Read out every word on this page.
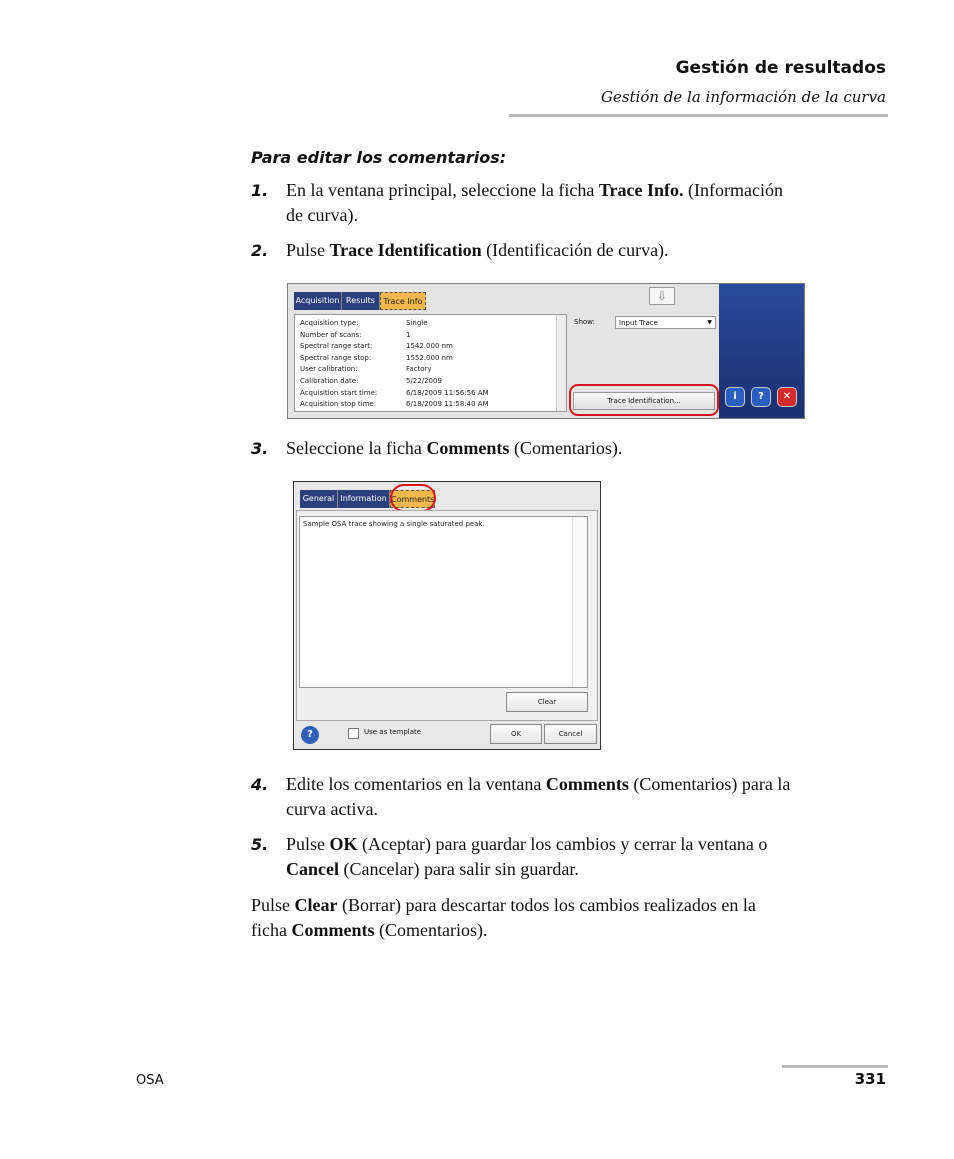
Gestión de resultados
Gestión de la información de la curva
Para editar los comentarios:
1. En la ventana principal, seleccione la ficha Trace Info. (Información
de curva).
2. Pulse Trace Identification (Identificación de curva).
Acquisition Results	Trace Info	⇩
Acquisition type:	Single
Number of scans:	1
Spectral range start:	1542.000 nm
Spectral range stop:	1552.000 nm
User calibration:	Factory
Calibration date:	5/22/2009
Acquisition start time:	6/18/2009 11:56:56 AM
Acquisition stop time:	6/18/2009 11:58:40 AM
Show:	Input Trace	▼
Trace Identification...	i	?	✕
3. Seleccione la ficha Comments (Comentarios).
General Information Comments
Sample OSA trace showing a single saturated peak.
Clear
?	Use as template	OK	Cancel
4. Edite los comentarios en la ventana Comments (Comentarios) para la
curva activa.
5. Pulse OK (Aceptar) para guardar los cambios y cerrar la ventana o
Cancel (Cancelar) para salir sin guardar.
Pulse Clear (Borrar) para descartar todos los cambios realizados en la
ficha Comments (Comentarios).
OSA	331
